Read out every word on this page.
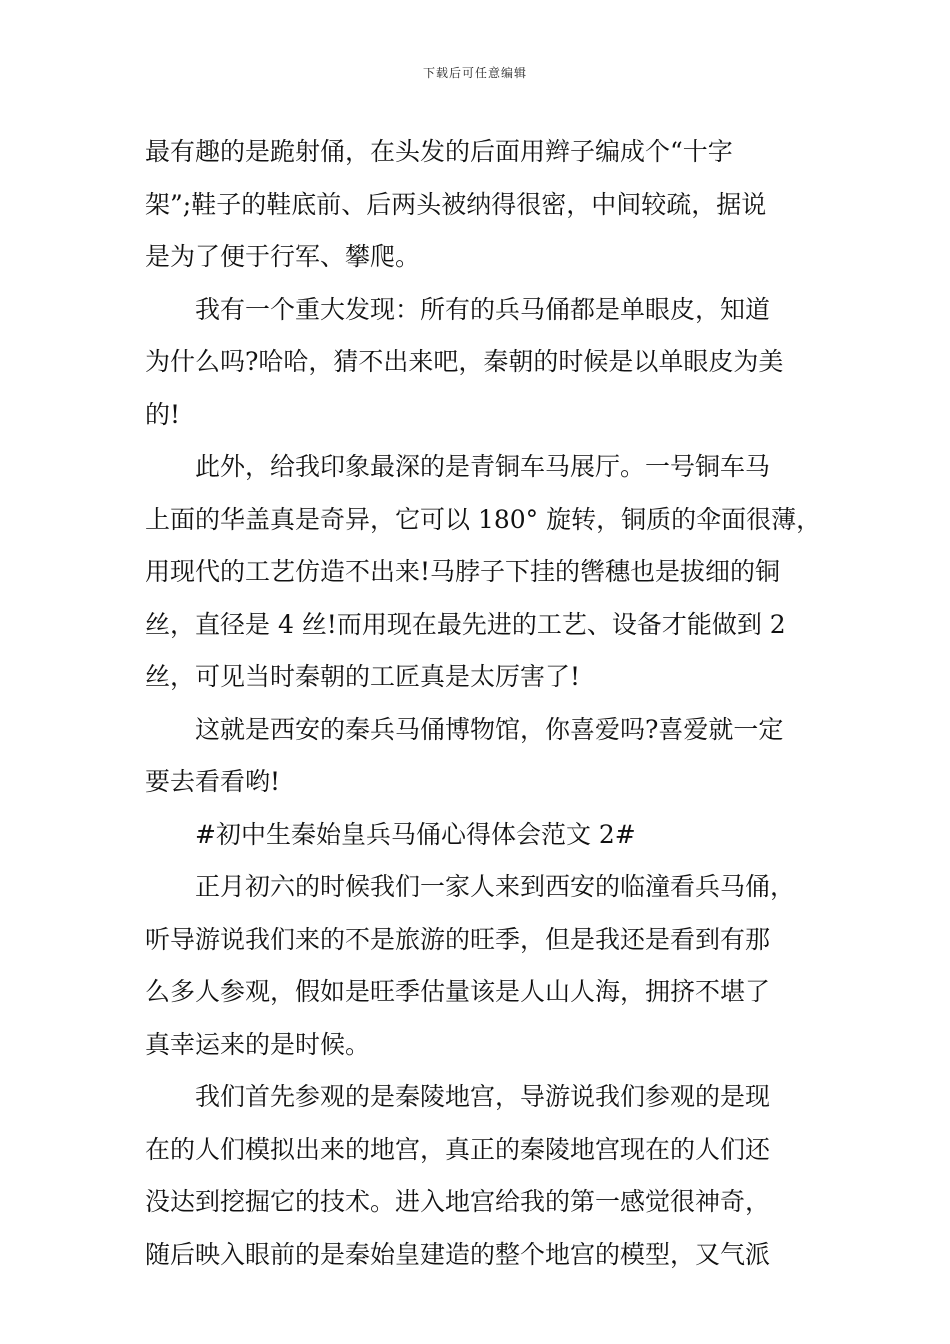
下载后可任意编辑
最有趣的是跪射俑，在头发的后面用辫子编成个“十字
架”;鞋子的鞋底前、后两头被纳得很密，中间较疏，据说
是为了便于行军、攀爬。
我有一个重大发现：所有的兵马俑都是单眼皮，知道
为什么吗?哈哈，猜不出来吧，秦朝的时候是以单眼皮为美
的!
此外，给我印象最深的是青铜车马展厅。一号铜车马
上面的华盖真是奇异，它可以 180° 旋转，铜质的伞面很薄，
用现代的工艺仿造不出来!马脖子下挂的辔穗也是拔细的铜
丝，直径是 4 丝!而用现在最先进的工艺、设备才能做到 2
丝，可见当时秦朝的工匠真是太厉害了!
这就是西安的秦兵马俑博物馆，你喜爱吗?喜爱就一定
要去看看哟!
#初中生秦始皇兵马俑心得体会范文 2#
正月初六的时候我们一家人来到西安的临潼看兵马俑，
听导游说我们来的不是旅游的旺季，但是我还是看到有那
么多人参观，假如是旺季估量该是人山人海，拥挤不堪了
真幸运来的是时候。
我们首先参观的是秦陵地宫，导游说我们参观的是现
在的人们模拟出来的地宫，真正的秦陵地宫现在的人们还
没达到挖掘它的技术。进入地宫给我的第一感觉很神奇，
随后映入眼前的是秦始皇建造的整个地宫的模型，又气派
